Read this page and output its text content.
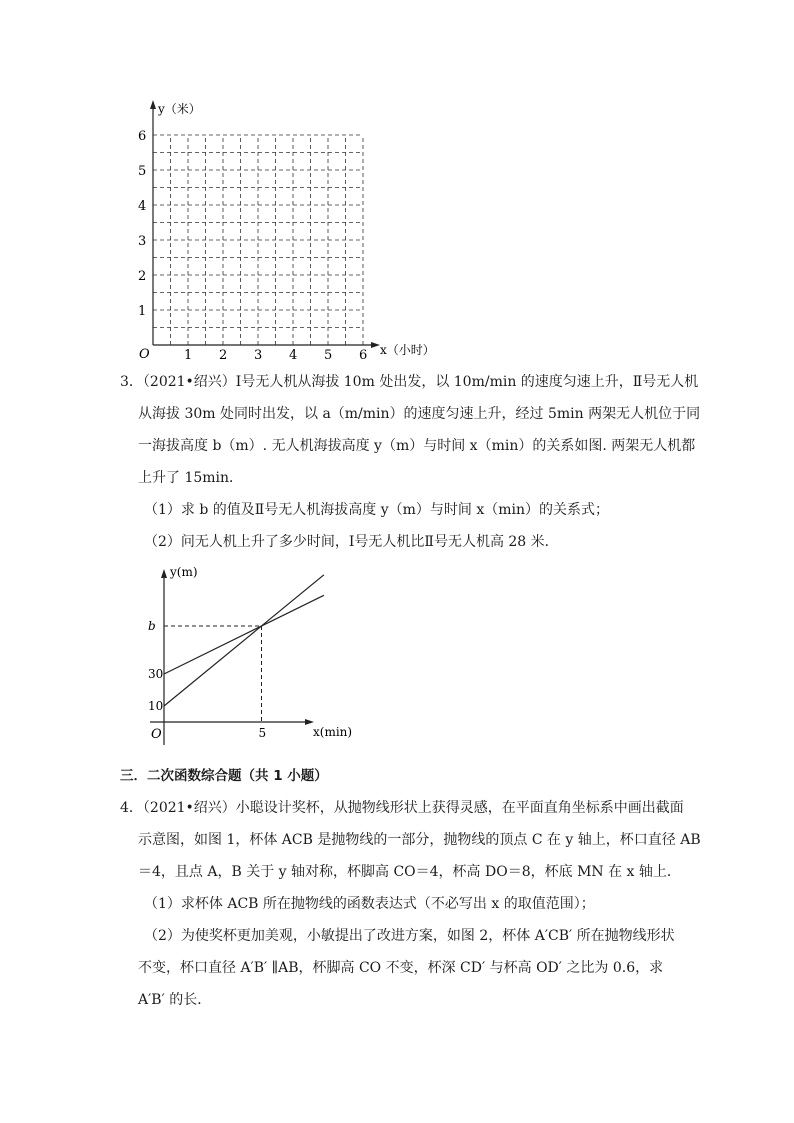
y（米）
x（小时）
O	1 2 3 4 5 6
1
2
3
4
5
6
3．（2021•绍兴）Ⅰ号无人机从海拔 10m 处出发，以 10m/min 的速度匀速上升，Ⅱ号无人机
从海拔 30m 处同时出发，以 a（m/min）的速度匀速上升，经过 5min 两架无人机位于同
一海拔高度 b（m）. 无人机海拔高度 y（m）与时间 x（min）的关系如图. 两架无人机都
上升了 15min．
（1）求 b 的值及Ⅱ号无人机海拔高度 y（m）与时间 x（min）的关系式；
（2）问无人机上升了多少时间，Ⅰ号无人机比Ⅱ号无人机高 28 米．
y(m)
x(min)
O
10
30
b
5
三．二次函数综合题（共 1 小题）
4．（2021•绍兴）小聪设计奖杯，从抛物线形状上获得灵感，在平面直角坐标系中画出截面
示意图，如图 1，杯体 ACB 是抛物线的一部分，抛物线的顶点 C 在 y 轴上，杯口直径 AB
＝4，且点 A，B 关于 y 轴对称，杯脚高 CO＝4，杯高 DO＝8，杯底 MN 在 x 轴上．
（1）求杯体 ACB 所在抛物线的函数表达式（不必写出 x 的取值范围）；
（2）为使奖杯更加美观，小敏提出了改进方案，如图 2，杯体 A′CB′ 所在抛物线形状
不变，杯口直径 A′B′ ∥AB，杯脚高 CO 不变，杯深 CD′ 与杯高 OD′ 之比为 0.6，求
A′B′ 的长．
